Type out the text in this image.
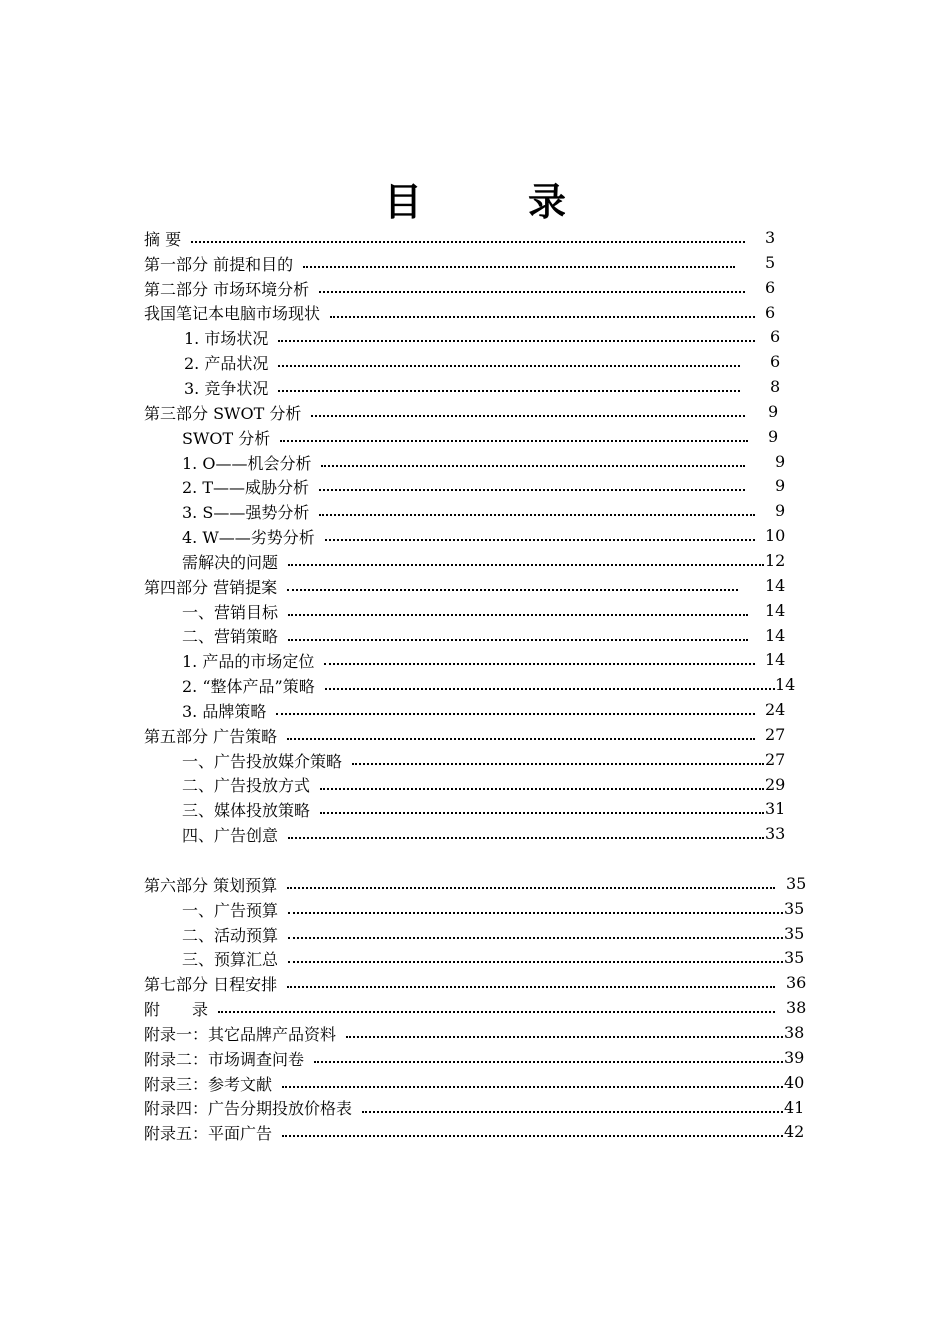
目　录
摘 要	3
第一部分 前提和目的	5
第二部分 市场环境分析	6
我国笔记本电脑市场现状	6
1. 市场状况	6
2. 产品状况	6
3. 竞争状况	8
第三部分 SWOT 分析	9
SWOT 分析	9
1. O——机会分析	9
2. T——威胁分析	9
3. S——强势分析	9
4. W——劣势分析	10
需解决的问题	12
第四部分 营销提案	14
一、营销目标	14
二、营销策略	14
1. 产品的市场定位	14
2. “整体产品”策略	14
3. 品牌策略	24
第五部分 广告策略	27
一、广告投放媒介策略	27
二、广告投放方式	29
三、媒体投放策略	31
四、广告创意	33
第六部分 策划预算	35
一、广告预算	35
二、活动预算	35
三、预算汇总	35
第七部分 日程安排	36
附　　录	38
附录一：其它品牌产品资料	38
附录二：市场调查问卷	39
附录三：参考文献	40
附录四：广告分期投放价格表	41
附录五：平面广告	42
